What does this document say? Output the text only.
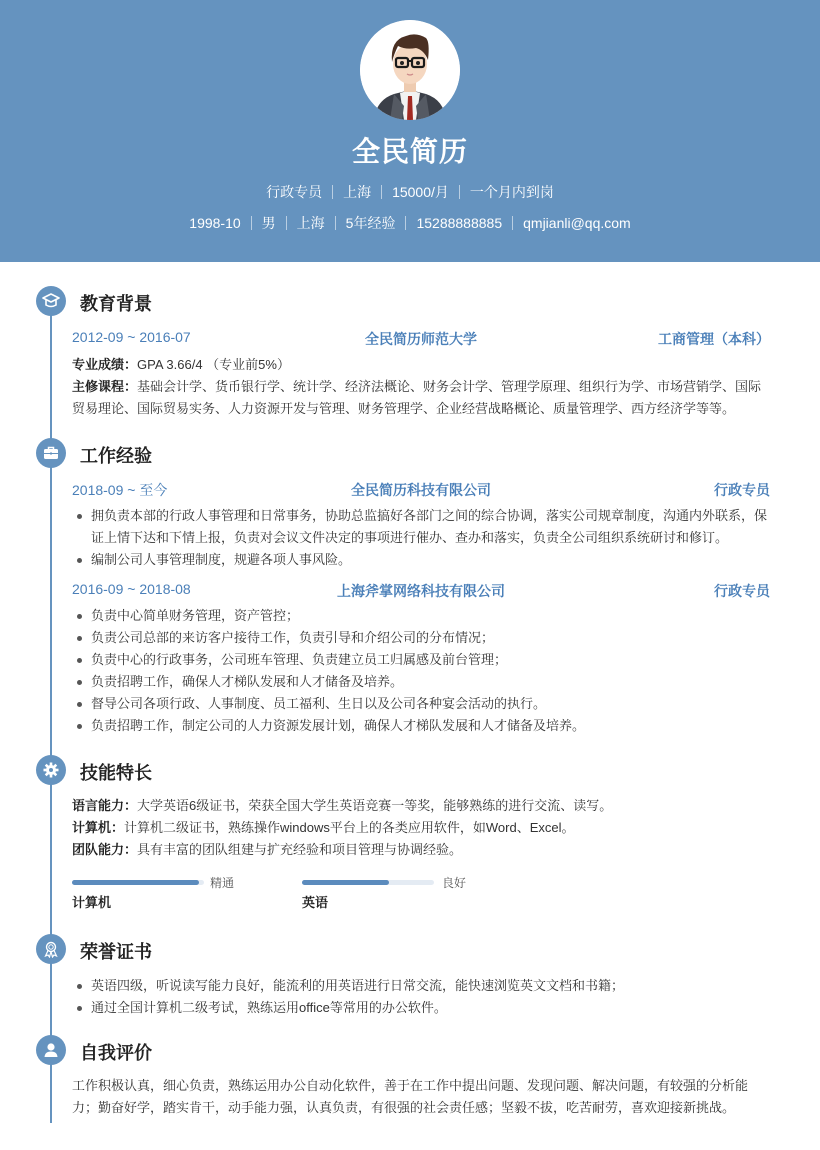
全民简历
行政专员 上海 15000/月 一个月内到岗
1998-10 男 上海 5年经验 15288888885 qmjianli@qq.com
教育背景
2012-09 ~ 2016-07	全民简历师范大学	工商管理（本科）
专业成绩：GPA 3.66/4 （专业前5%）
主修课程：基础会计学、货币银行学、统计学、经济法概论、财务会计学、管理学原理、组织行为学、市场营销学、国际贸易理论、国际贸易实务、人力资源开发与管理、财务管理学、企业经营战略概论、质量管理学、西方经济学等等。
工作经验
2018-09 ~ 至今	全民简历科技有限公司	行政专员
拥负责本部的行政人事管理和日常事务，协助总监搞好各部门之间的综合协调，落实公司规章制度，沟通内外联系，保证上情下达和下情上报，负责对会议文件决定的事项进行催办、查办和落实，负责全公司组织系统研讨和修订。
编制公司人事管理制度，规避各项人事风险。
2016-09 ~ 2018-08	上海斧掌网络科技有限公司	行政专员
负责中心简单财务管理，资产管控；
负责公司总部的来访客户接待工作，负责引导和介绍公司的分布情况；
负责中心的行政事务，公司班车管理、负责建立员工归属感及前台管理；
负责招聘工作，确保人才梯队发展和人才储备及培养。
督导公司各项行政、人事制度、员工福利、生日以及公司各种宴会活动的执行。
负责招聘工作，制定公司的人力资源发展计划，确保人才梯队发展和人才储备及培养。
技能特长
语言能力：大学英语6级证书，荣获全国大学生英语竞赛一等奖，能够熟练的进行交流、读写。
计算机：计算机二级证书，熟练操作windows平台上的各类应用软件，如Word、Excel。
团队能力：具有丰富的团队组建与扩充经验和项目管理与协调经验。
精通
计算机
良好
英语
荣誉证书
英语四级，听说读写能力良好，能流利的用英语进行日常交流，能快速浏览英文文档和书籍；
通过全国计算机二级考试，熟练运用office等常用的办公软件。
自我评价
工作积极认真，细心负责，熟练运用办公自动化软件，善于在工作中提出问题、发现问题、解决问题，有较强的分析能力；勤奋好学，踏实肯干，动手能力强，认真负责，有很强的社会责任感；坚毅不拔，吃苦耐劳，喜欢迎接新挑战。
